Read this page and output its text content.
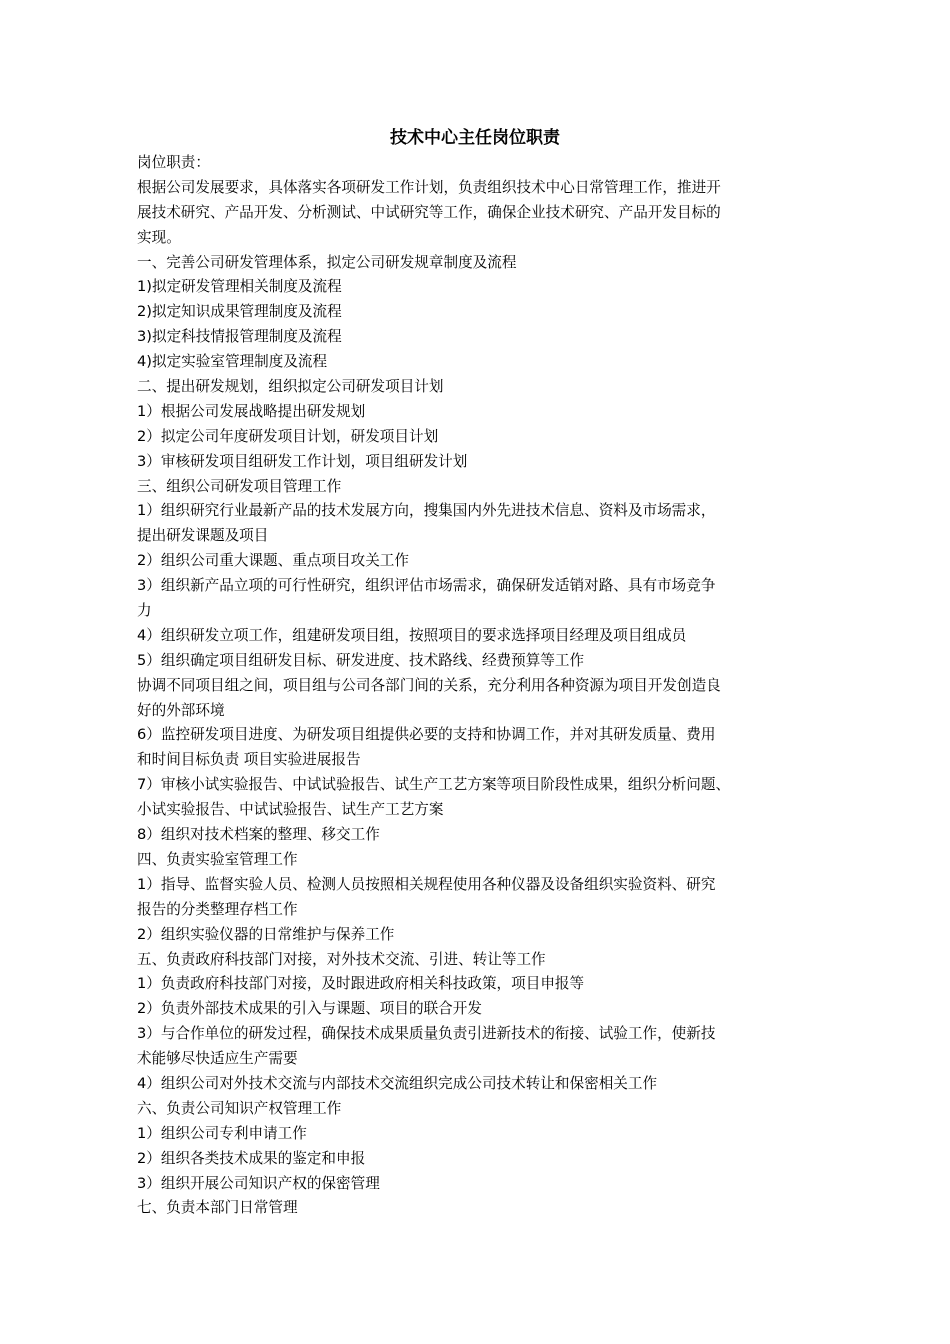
技术中心主任岗位职责
岗位职责：
根据公司发展要求，具体落实各项研发工作计划，负责组织技术中心日常管理工作，推进开
展技术研究、产品开发、分析测试、中试研究等工作，确保企业技术研究、产品开发目标的
实现。
一、完善公司研发管理体系，拟定公司研发规章制度及流程
1)拟定研发管理相关制度及流程
2)拟定知识成果管理制度及流程
3)拟定科技情报管理制度及流程
4)拟定实验室管理制度及流程
二、提出研发规划，组织拟定公司研发项目计划
1）根据公司发展战略提出研发规划
2）拟定公司年度研发项目计划，研发项目计划
3）审核研发项目组研发工作计划，项目组研发计划
三、组织公司研发项目管理工作
1）组织研究行业最新产品的技术发展方向，搜集国内外先进技术信息、资料及市场需求，
提出研发课题及项目
2）组织公司重大课题、重点项目攻关工作
3）组织新产品立项的可行性研究，组织评估市场需求，确保研发适销对路、具有市场竞争
力
4）组织研发立项工作，组建研发项目组，按照项目的要求选择项目经理及项目组成员
5）组织确定项目组研发目标、研发进度、技术路线、经费预算等工作
协调不同项目组之间，项目组与公司各部门间的关系，充分利用各种资源为项目开发创造良
好的外部环境
6）监控研发项目进度、为研发项目组提供必要的支持和协调工作，并对其研发质量、费用
和时间目标负责 项目实验进展报告
7）审核小试实验报告、中试试验报告、试生产工艺方案等项目阶段性成果，组织分析问题、
小试实验报告、中试试验报告、试生产工艺方案
8）组织对技术档案的整理、移交工作
四、负责实验室管理工作
1）指导、监督实验人员、检测人员按照相关规程使用各种仪器及设备组织实验资料、研究
报告的分类整理存档工作
2）组织实验仪器的日常维护与保养工作
五、负责政府科技部门对接，对外技术交流、引进、转让等工作
1）负责政府科技部门对接，及时跟进政府相关科技政策，项目申报等
2）负责外部技术成果的引入与课题、项目的联合开发
3）与合作单位的研发过程，确保技术成果质量负责引进新技术的衔接、试验工作，使新技
术能够尽快适应生产需要
4）组织公司对外技术交流与内部技术交流组织完成公司技术转让和保密相关工作
六、负责公司知识产权管理工作
1）组织公司专利申请工作
2）组织各类技术成果的鉴定和申报
3）组织开展公司知识产权的保密管理
七、负责本部门日常管理
